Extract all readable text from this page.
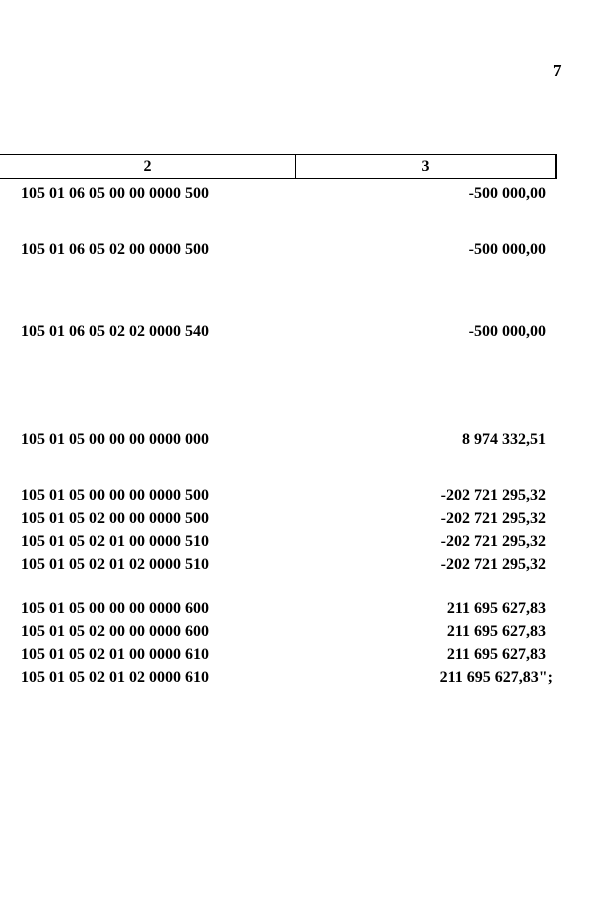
7
2	3
105 01 06 05 00 00 0000 500	-500 000,00
105 01 06 05 02 00 0000 500	-500 000,00
105 01 06 05 02 02 0000 540	-500 000,00
105 01 05 00 00 00 0000 000	8 974 332,51
105 01 05 00 00 00 0000 500	-202 721 295,32
105 01 05 02 00 00 0000 500	-202 721 295,32
105 01 05 02 01 00 0000 510	-202 721 295,32
105 01 05 02 01 02 0000 510	-202 721 295,32
105 01 05 00 00 00 0000 600	211 695 627,83
105 01 05 02 00 00 0000 600	211 695 627,83
105 01 05 02 01 00 0000 610	211 695 627,83
105 01 05 02 01 02 0000 610	211 695 627,83";
